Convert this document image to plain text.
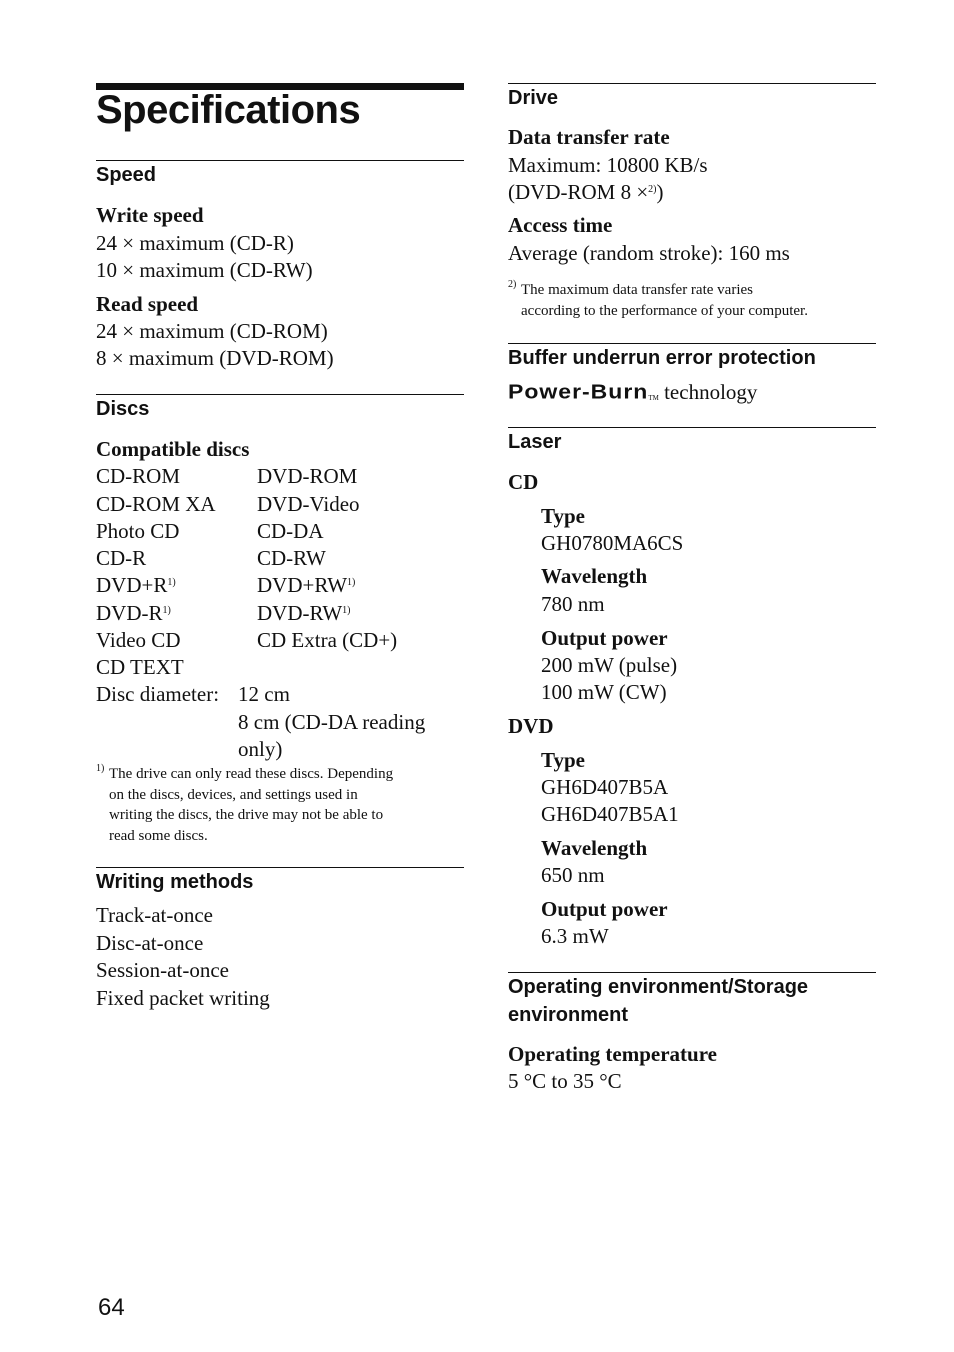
Specifications
Speed
Write speed
24 × maximum (CD-R)
10 × maximum (CD-RW)
Read speed
24 × maximum (CD-ROM)
8 × maximum (DVD-ROM)
Discs
Compatible discs
CD-ROM
CD-ROM XA
Photo CD
CD-R
$DVD+R^{1)}$
DVD-$R^{1)}$
Video CD
CD TEXT
DVD-ROM
DVD-Video
CD-DA
CD-RW
$DVD+RW^{1)}$
DVD-RW$^{1)}$
CD Extra (CD+)
Disc diameter: 12 cm
8 cm (CD-DA reading
only)
$^{1)}$ The drive can only read these discs. Depending
on the discs, devices, and settings used in
writing the discs, the drive may not be able to
read some discs.
Writing methods
Track-at-once
Disc-at-once
Session-at-once
Fixed packet writing
Drive
Data transfer rate
Maximum: 10800 KB/s
(DVD-ROM 8 ×$^{2)}$)
Access time
Average (random stroke): 160 ms
$^{2)}$ The maximum data transfer rate varies
according to the performance of your computer.
Buffer underrun error protection
Power-BurnTM technology
Laser
CD
Type
GH0780MA6CS
Wavelength
780 nm
Output power
200 mW (pulse)
100 mW (CW)
DVD
Type
GH6D407B5A
GH6D407B5A1
Wavelength
650 nm
Output power
6.3 mW
Operating environment/Storage
environment
Operating temperature
5 °C to 35 °C
64
